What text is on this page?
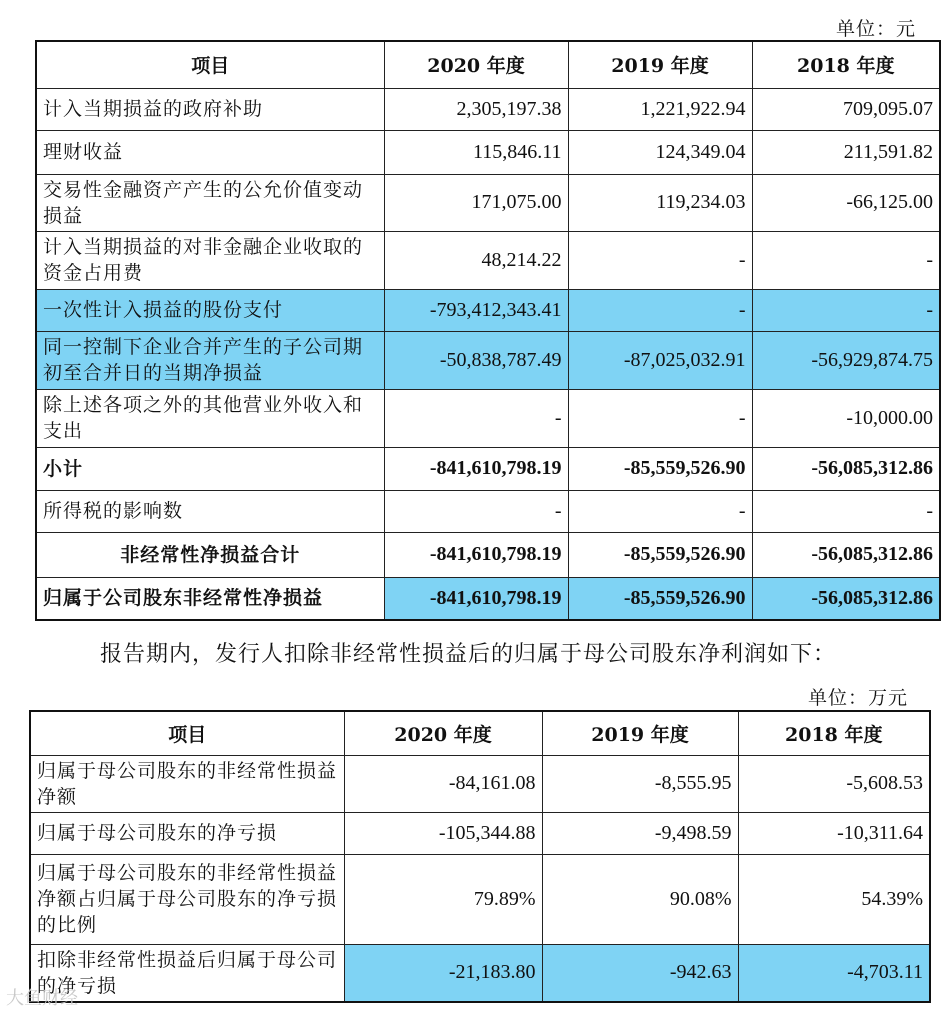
单位：元
项目	2020 年度	2019 年度	2018 年度
计入当期损益的政府补助	2,305,197.38	1,221,922.94	709,095.07
理财收益	115,846.11	124,349.04	211,591.82
交易性金融资产产生的公允价值变动损益	171,075.00	119,234.03	-66,125.00
计入当期损益的对非金融企业收取的资金占用费	48,214.22	-	-
一次性计入损益的股份支付	-793,412,343.41	-	-
同一控制下企业合并产生的子公司期初至合并日的当期净损益	-50,838,787.49	-87,025,032.91	-56,929,874.75
除上述各项之外的其他营业外收入和支出	-	-	-10,000.00
小计	-841,610,798.19	-85,559,526.90	-56,085,312.86
所得税的影响数	-	-	-
非经常性净损益合计	-841,610,798.19	-85,559,526.90	-56,085,312.86
归属于公司股东非经常性净损益	-841,610,798.19	-85,559,526.90	-56,085,312.86
报告期内，发行人扣除非经常性损益后的归属于母公司股东净利润如下：
单位：万元
项目	2020 年度	2019 年度	2018 年度
归属于母公司股东的非经常性损益净额	-84,161.08	-8,555.95	-5,608.53
归属于母公司股东的净亏损	-105,344.88	-9,498.59	-10,311.64
归属于母公司股东的非经常性损益净额占归属于母公司股东的净亏损的比例	79.89%	90.08%	54.39%
扣除非经常性损益后归属于母公司的净亏损	-21,183.80	-942.63	-4,703.11
大鱼财经
